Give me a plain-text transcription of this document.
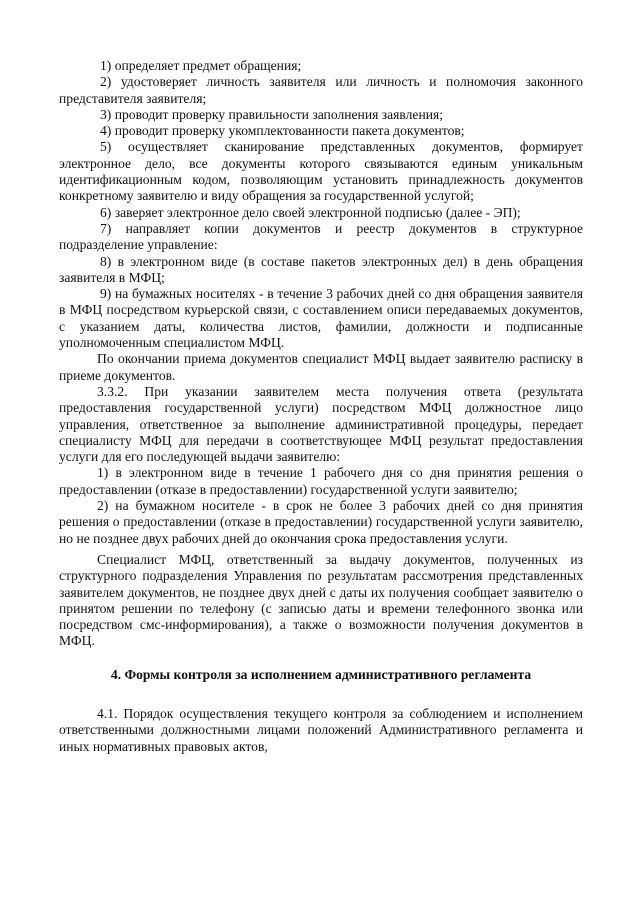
1) определяет предмет обращения;

2) удостоверяет личность заявителя или личность и полномочия законного представителя заявителя;

3) проводит проверку правильности заполнения заявления;

4) проводит проверку укомплектованности пакета документов;

5) осуществляет сканирование представленных документов, формирует электронное дело, все документы которого связываются единым уникальным идентификационным кодом, позволяющим установить принадлежность документов конкретному заявителю и виду обращения за государственной услугой;

6) заверяет электронное дело своей электронной подписью (далее - ЭП);

7) направляет копии документов и реестр документов в структурное подразделение управление:

8) в электронном виде (в составе пакетов электронных дел) в день обращения заявителя в МФЦ;

9) на бумажных носителях - в течение 3 рабочих дней со дня обращения заявителя в МФЦ посредством курьерской связи, с составлением описи передаваемых документов, с указанием даты, количества листов, фамилии, должности и подписанные уполномоченным специалистом МФЦ.

По окончании приема документов специалист МФЦ выдает заявителю расписку в приеме документов.

3.3.2. При указании заявителем места получения ответа (результата предоставления государственной услуги) посредством МФЦ должностное лицо управления, ответственное за выполнение административной процедуры, передает специалисту МФЦ для передачи в соответствующее МФЦ результат предоставления услуги для его последующей выдачи заявителю:

1) в электронном виде в течение 1 рабочего дня со дня принятия решения о предоставлении (отказе в предоставлении) государственной услуги заявителю;

2) на бумажном носителе - в срок не более 3 рабочих дней со дня принятия решения о предоставлении (отказе в предоставлении) государственной услуги заявителю, но не позднее двух рабочих дней до окончания срока предоставления услуги.

Специалист МФЦ, ответственный за выдачу документов, полученных из структурного подразделения Управления по результатам рассмотрения представленных заявителем документов, не позднее двух дней с даты их получения сообщает заявителю о принятом решении по телефону (с записью даты и времени телефонного звонка или посредством смс-информирования), а также о возможности получения документов в МФЦ.

4. Формы контроля за исполнением административного регламента

4.1. Порядок осуществления текущего контроля за соблюдением и исполнением ответственными должностными лицами положений Административного регламента и иных нормативных правовых актов,
